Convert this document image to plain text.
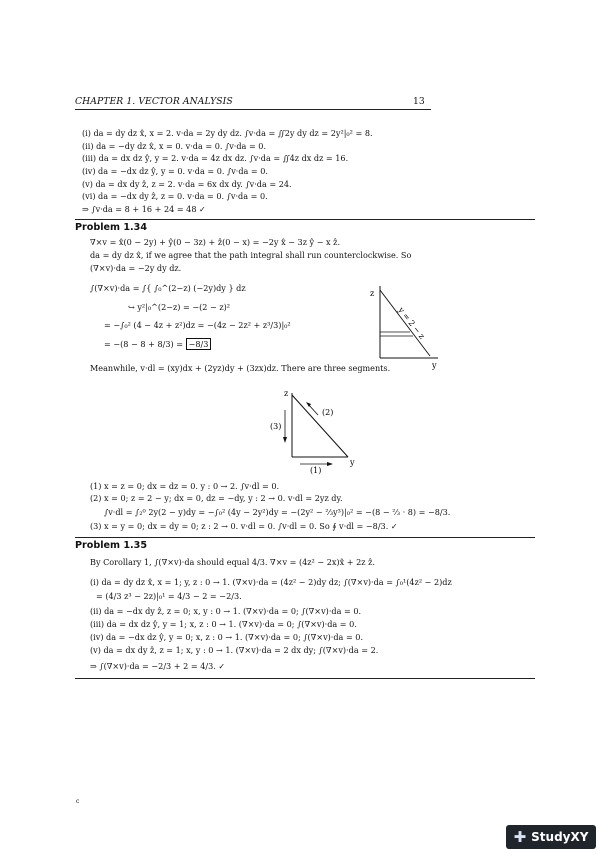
CHAPTER 1. VECTOR ANALYSIS	13
(i) da = dy dz x̂, x = 2. v·da = 2y dy dz. ∫v·da = ∬2y dy dz = 2y²|₀² = 8.
(ii) da = −dy dz x̂, x = 0. v·da = 0. ∫v·da = 0.
(iii) da = dx dz ŷ, y = 2. v·da = 4z dx dz. ∫v·da = ∬4z dx dz = 16.
(iv) da = −dx dz ŷ, y = 0. v·da = 0. ∫v·da = 0.
(v) da = dx dy ẑ, z = 2. v·da = 6x dx dy. ∫v·da = 24.
(vi) da = −dx dy ẑ, z = 0. v·da = 0. ∫v·da = 0.
⇒ ∫v·da = 8 + 16 + 24 = 48 ✓
Problem 1.34
∇×v = x̂(0 − 2y) + ŷ(0 − 3z) + ẑ(0 − x) = −2y x̂ − 3z ŷ − x ẑ.
da = dy dz x̂, if we agree that the path integral shall run counterclockwise. So
(∇×v)·da = −2y dy dz.
∫(∇×v)·da = ∫{ ∫₀^(2−z) (−2y)dy } dz
↪ y²|₀^(2−z) = −(2 − z)²
= −∫₀² (4 − 4z + z²)dz = −(4z − 2z² + z³/3)|₀²
= −(8 − 8 + 8/3) = −8/3
z
y
y = 2 − z
Meanwhile, v·dl = (xy)dx + (2yz)dy + (3zx)dz. There are three segments.
z
y
(3)
(2)
(1)
(1) x = z = 0; dx = dz = 0. y : 0 → 2. ∫v·dl = 0.
(2) x = 0; z = 2 − y; dx = 0, dz = −dy, y : 2 → 0. v·dl = 2yz dy.
∫v·dl = ∫₂⁰ 2y(2 − y)dy = −∫₀² (4y − 2y²)dy = −(2y² − ⅔y³)|₀² = −(8 − ⅔ · 8) = −8/3.
(3) x = y = 0; dx = dy = 0; z : 2 → 0. v·dl = 0. ∫v·dl = 0. So ∮ v·dl = −8/3. ✓
Problem 1.35
By Corollary 1, ∫(∇×v)·da should equal 4/3. ∇×v = (4z² − 2x)x̂ + 2z ẑ.
(i) da = dy dz x̂, x = 1; y, z : 0 → 1. (∇×v)·da = (4z² − 2)dy dz; ∫(∇×v)·da = ∫₀¹(4z² − 2)dz
= (4/3 z³ − 2z)|₀¹ = 4/3 − 2 = −2/3.
(ii) da = −dx dy ẑ, z = 0; x, y : 0 → 1. (∇×v)·da = 0; ∫(∇×v)·da = 0.
(iii) da = dx dz ŷ, y = 1; x, z : 0 → 1. (∇×v)·da = 0; ∫(∇×v)·da = 0.
(iv) da = −dx dz ŷ, y = 0; x, z : 0 → 1. (∇×v)·da = 0; ∫(∇×v)·da = 0.
(v) da = dx dy ẑ, z = 1; x, y : 0 → 1. (∇×v)·da = 2 dx dy; ∫(∇×v)·da = 2.
⇒ ∫(∇×v)·da = −2/3 + 2 = 4/3. ✓
c
✚ StudyXY
